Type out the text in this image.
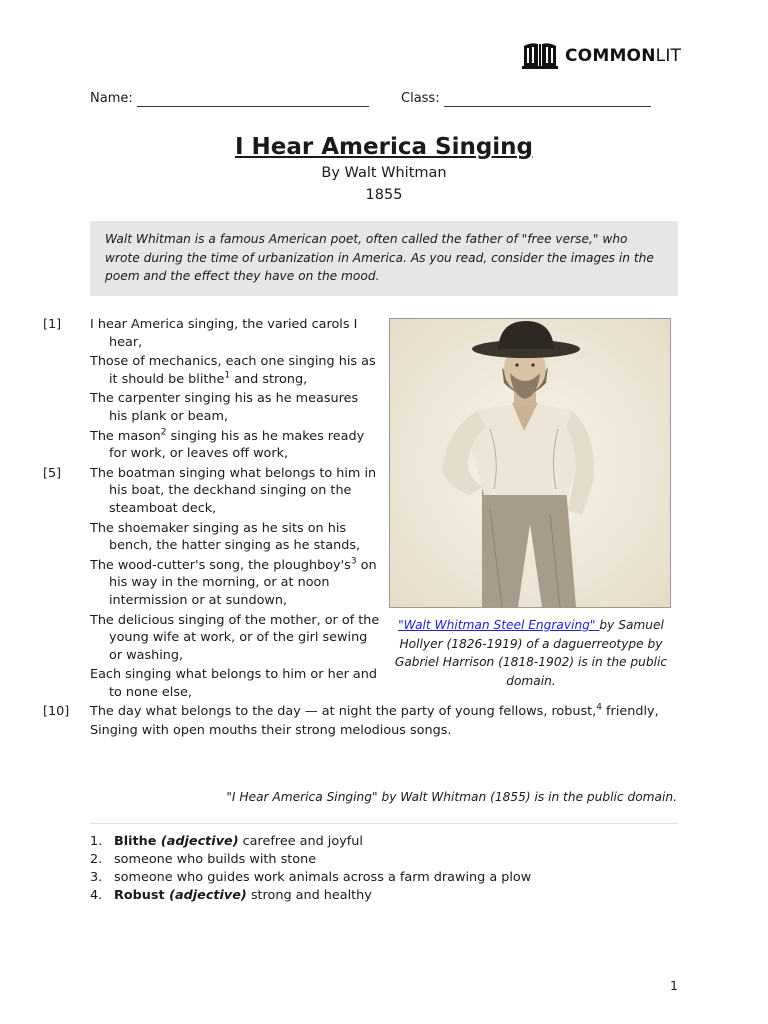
COMMONLIT
Name:	Class:
I Hear America Singing
By Walt Whitman
1855
Walt Whitman is a famous American poet, often called the father of "free verse," who wrote during the time of urbanization in America. As you read, consider the images in the poem and the effect they have on the mood.
[1]	I hear America singing, the varied carols I hear,
Those of mechanics, each one singing his as it should be blithe$^1$ and strong,
The carpenter singing his as he measures his plank or beam,
The mason$^2$ singing his as he makes ready for work, or leaves off work,
[5]	The boatman singing what belongs to him in his boat, the deckhand singing on the steamboat deck,
The shoemaker singing as he sits on his bench, the hatter singing as he stands,
The wood-cutter's song, the $ploughboy's^3$ on his way in the morning, or at noon intermission or at sundown,
The delicious singing of the mother, or of the young wife at work, or of the girl sewing or washing,
Each singing what belongs to him or her and to none else,
[10]	The day what belongs to the day — at night the party of young fellows, robust,$^4$ friendly,
Singing with open mouths their strong melodious songs.
"Walt Whitman Steel Engraving" by Samuel Hollyer (1826-1919) of a daguerreotype by Gabriel Harrison (1818-1902) is in the public domain.
"I Hear America Singing" by Walt Whitman (1855) is in the public domain.
1. Blithe (adjective) carefree and joyful
2. someone who builds with stone
3. someone who guides work animals across a farm drawing a plow
4. Robust (adjective) strong and healthy
1
